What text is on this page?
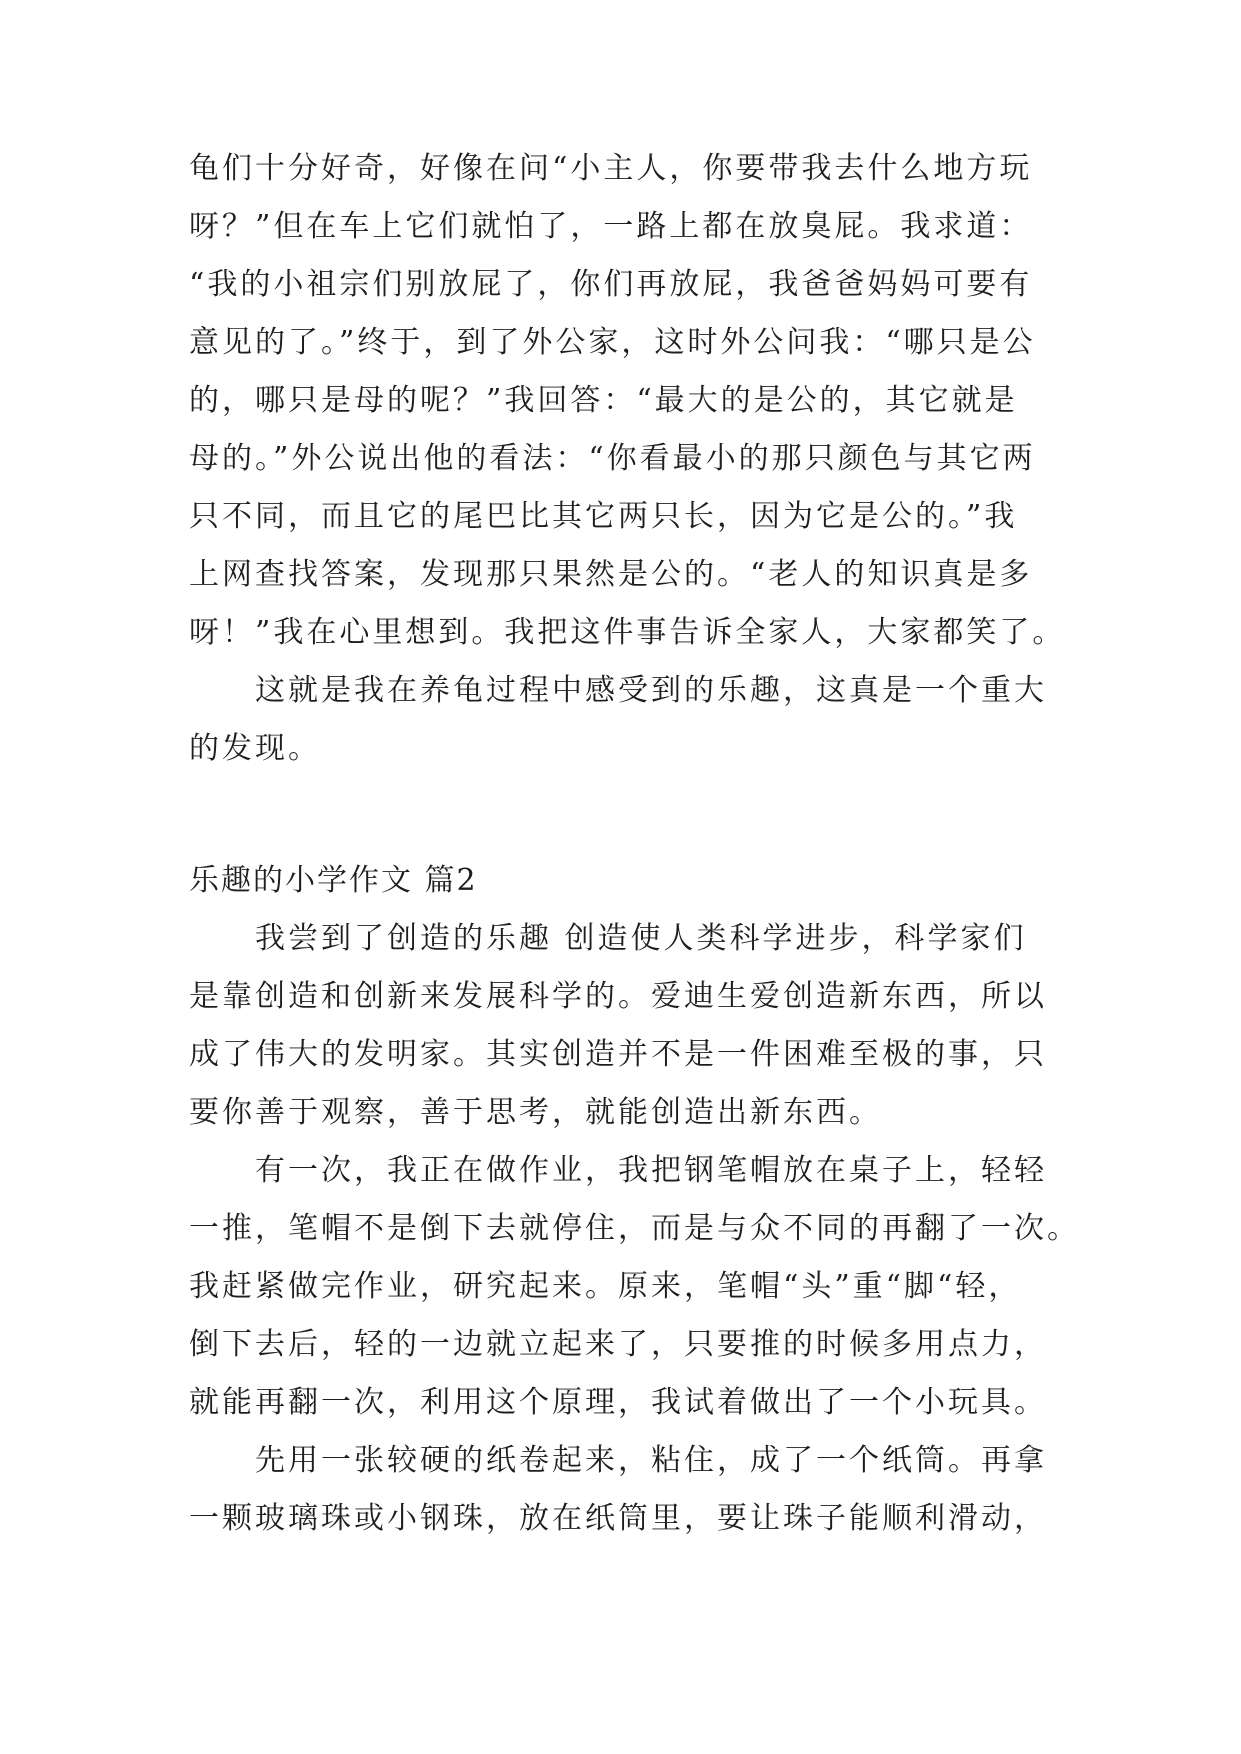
龟们十分好奇，好像在问“小主人，你要带我去什么地方玩
呀？”但在车上它们就怕了，一路上都在放臭屁。我求道：
“我的小祖宗们别放屁了，你们再放屁，我爸爸妈妈可要有
意见的了。”终于，到了外公家，这时外公问我：“哪只是公
的，哪只是母的呢？”我回答：“最大的是公的，其它就是
母的。”外公说出他的看法：“你看最小的那只颜色与其它两
只不同，而且它的尾巴比其它两只长，因为它是公的。”我
上网查找答案，发现那只果然是公的。“老人的知识真是多
呀！”我在心里想到。我把这件事告诉全家人，大家都笑了。
这就是我在养龟过程中感受到的乐趣，这真是一个重大
的发现。
乐趣的小学作文 篇2
我尝到了创造的乐趣 创造使人类科学进步，科学家们
是靠创造和创新来发展科学的。爱迪生爱创造新东西，所以
成了伟大的发明家。其实创造并不是一件困难至极的事，只
要你善于观察，善于思考，就能创造出新东西。
有一次，我正在做作业，我把钢笔帽放在桌子上，轻轻
一推，笔帽不是倒下去就停住，而是与众不同的再翻了一次。
我赶紧做完作业，研究起来。原来，笔帽“头”重“脚“轻，
倒下去后，轻的一边就立起来了，只要推的时候多用点力，
就能再翻一次，利用这个原理，我试着做出了一个小玩具。
先用一张较硬的纸卷起来，粘住，成了一个纸筒。再拿
一颗玻璃珠或小钢珠，放在纸筒里，要让珠子能顺利滑动，
